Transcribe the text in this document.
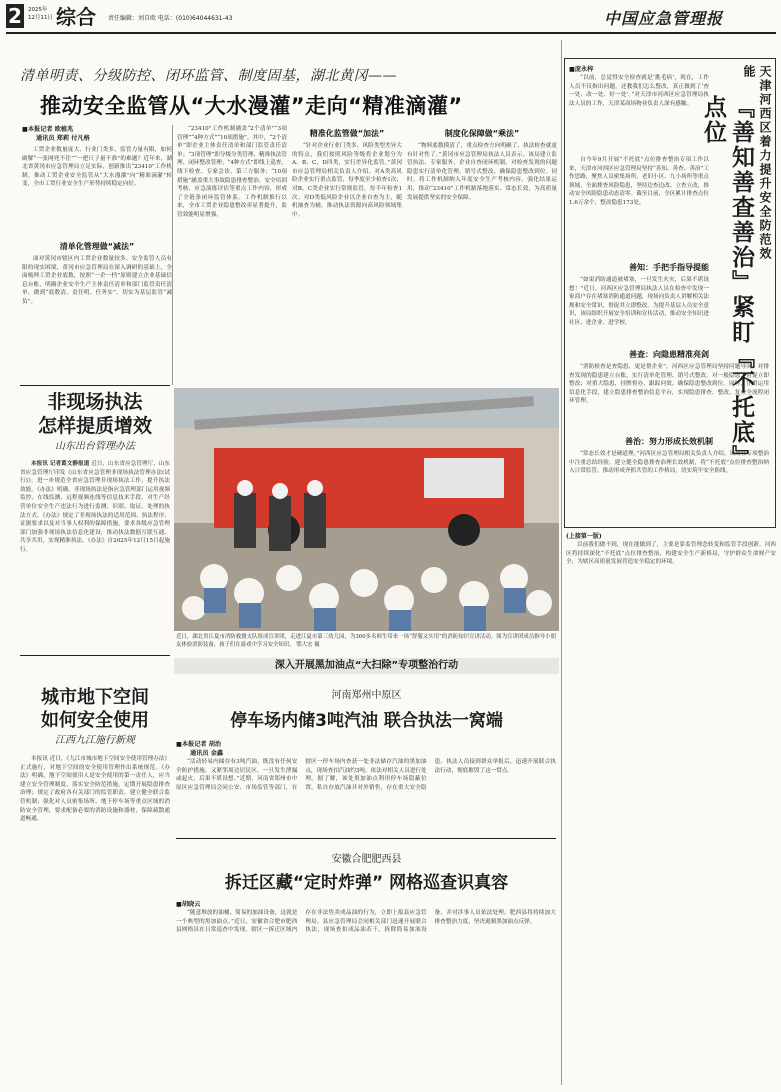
2	2025年
12月11日 综合 责任编辑：刘自欧 电话：(010)64044631-43	中国应急管理报
清单明责、分级防控、闭环监管、制度固基，湖北黄冈——
推动安全监管从“大水漫灌”走向“精准滴灌”
■本报记者 欧植兆
通讯员 郑莉 付凡格

工贸企业数量庞大、行业门类多，监管力量有限，如何破解“一张网兜不住”“一把尺子量不准”的难题？近年来，湖北省黄冈市应急管理局立足实际，创新推出“23410”工作机制，推动工贸企业安全监管从“大水漫灌”向“精准滴灌”转变，全市工贸行业安全生产形势持续稳定向好。

清单化管理做“减法”

面对黄冈市辖区内工贸企业数量较多、安全监管人员有限的现实困境，黄冈市应急管理局在深入调研的基础上，全面梳理工贸企业底数，按照“一企一档”原则建立企业基础信息台账，明确企业安全生产主体责任清单和部门监管责任清单，做到“底数清、责任明、任务实”，切实为基层监管“减负”。

“23410”工作机制涵盖“2个清单”“3项管理”“4种方式”“10项措施”。其中，“2个清单”即企业主体责任清单和部门监管责任清单；“3项管理”即分级分类管理、精准执法管理、闭环整改管理；“4种方式”即线上巡查、线下检查、专家会诊、第三方服务；“10项措施”涵盖重大事故隐患排查整治、安全培训考核、应急演练评估等重点工作内容，形成了全链条闭环监管体系。工作机制推行以来，全市工贸企业隐患整改率显著提升，监管效能明显增强。

精准化监管做“加法”

“针对企业行业门类多、风险类型差异大的特点，我们按照风险等级将企业划分为A、B、C、D四类，实行差异化监管。”黄冈市应急管理局相关负责人介绍。对A类高风险企业实行重点监管，每季度至少检查1次；对B、C类企业实行常规监管，每半年检查1次；对D类低风险企业以企业自查为主，随机抽查为辅，推动执法资源向高风险领域集中。

制度化保障做“乘法”

“物料底数摸清了，重点检查方向明确了，执法检查就更有针对性了。”黄冈市应急管理局执法人员表示。该局建立监管执法、专家服务、企业自查闭环机制，对检查发现的问题隐患实行清单化管理、销号式整改，确保隐患整改到位。同时，将工作机制纳入年度安全生产考核内容，强化结果运用，推动“23410”工作机制落地落实、常态长效，为高质量发展提供坚实的安全保障。

近日，湖北省江夏市消防救援支队组成宣讲团，走进江夏市第三幼儿园，为300多名师生带来一场“舒服又实用”的消防知识宣讲活动，图为宣讲团成员指导小朋友体验消防装备，孩子们在游戏中学习安全知识。 鄂大宏 摄
非现场执法
怎样提质增效
山东出台管理办法

本报讯 记者葛文静报道 近日，山东省应急管理厅、山东省应急管理厅印发《山东省应急管理非现场执法管理办法(试行)》，进一步规范全省应急管理非现场执法工作，提升执法效能。《办法》明确，非现场执法是指应急管理部门运用视频监控、在线监测、远程视频连线等信息技术手段，对生产经营单位安全生产违法行为进行监测、识别、取证、处理的执法方式。《办法》规定了非现场执法的适用范围、执法程序、证据要求以及对当事人权利的保障措施，要求各级应急管理部门加强非现场执法信息化建设，推动执法数据互联互通、共享共用，实现精准执法。《办法》自2025年12月15日起施行。

城市地下空间
如何安全使用
江西九江施行新规

本报讯 近日，《九江市城市地下空间安全使用管理办法》正式施行，对地下空间的安全使用管理作出系统规范。《办法》明确，地下空间使用人是安全使用的第一责任人，应当建立安全管理制度，落实安全防范措施，定期开展隐患排查治理；规定了政府各有关部门的监管职责，建立健全联合监管机制；强化对人员密集场所、地下停车场等重点区域的消防安全管理，要求配备必要的消防设施和器材，保障疏散通道畅通。

深入开展黑加油点“大扫除”专项整治行动
河南郑州中原区
停车场内储3吨汽油 联合执法一窝端
■本报记者 胡治
通讯员 金鑫

“活动轻易内储存有3吨汽油，既没有任何安全防护措施，又紧邻周边居民区，一旦发生泄漏或起火，后果不堪设想。”近期，河南省郑州市中原区应急管理局会同公安、市场监管等部门，在辖区一停车场内查获一处非法储存汽油的黑加油点，现场查扣汽油约3吨，依法对相关人员进行处理。据了解，该处黑加油点利用停车场隐蔽位置，私自存放汽油并对外销售，存在重大安全隐患。执法人员接到群众举报后，迅速开展联合执法行动，彻底摧毁了这一窝点。

安徽合肥肥西县
拆迁区藏“定时炸弹” 网格巡查识真容
■胡晓云

“随意堆放的油桶，简易的加油设备，这就是一个典型的黑加油点。”近日，安徽省合肥市肥西县网格员在日常巡查中发现，辖区一拆迁区域内存在非法售卖成品油的行为，立即上报县应急管理局。县应急管理局会同相关部门迅速开展联合执法，现场查扣成品油若干，拆除简易加油设备，并对涉事人员依法处理。肥西县将持续加大排查整治力度，坚决遏制黑加油点反弹。

■庞永梓

“以前，总觉得安全检查就是‘挑毛病’，现在，工作人员不仅指出问题，还教我们怎么整改，真正做到了‘查一处、改一处、好一处’。”对天津市河西区应急管理局执法人员的工作，天津某商场物业负责人深有感触。

自今年9月开展“不托底”点位排查整治专项工作以来，天津市河西区应急管理局坚持“善知、善查、善治”工作思路，聚焦人员密集场所、老旧小区、九小场所等重点领域，全面排查风险隐患，坚持边查边改、立查立改，推动安全风险隐患动态清零。截至目前，全区累计排查点位1.6万余个，整改隐患173处。	天津河西区着力提升安全防范效能
『善知善查善治』紧盯『不托底』点位
善知：手把手指导提能

“如果消防通道被堵塞，一旦发生火灾，后果不堪设想！”近日，河西区应急管理局执法人员在检查中发现一家商户存在堵塞消防通道问题，现场向负责人讲解相关法规和安全常识，督促其立即整改。为提升基层人员安全意识，该局组织开展安全培训和宣传活动，推动安全知识进社区、进企业、进学校。

善查：向隐患精准亮剑

“消防检查是查隐患，更是帮企业”。河西区应急管理局坚持问题导向，对排查发现的隐患建立台账，实行清单化管理、销号式整改。对一般隐患，督促立即整改；对重大隐患，挂牌督办、跟踪问效，确保隐患整改到位。同时，注重运用信息化手段，建立隐患排查整治信息平台，实现隐患排查、整改、复查全流程闭环管理。

善治：努力形成长效机制

“常态长效才是硬道理。”河西区应急管理局相关负责人介绍，该局在专项整治中注重总结经验，建立健全隐患排查治理长效机制，将“不托底”点位排查整治纳入日常监管，推动形成齐抓共管的工作格局，切实筑牢安全防线。

(上接第一版)

以前我们做不到，现在能做到了，主要是靠监管理念转变和监管手段创新。河西区将持续深化“不托底”点位排查整治，构建安全生产新格局，守护群众生命财产安全，为辖区高质量发展营造安全稳定的环境。
